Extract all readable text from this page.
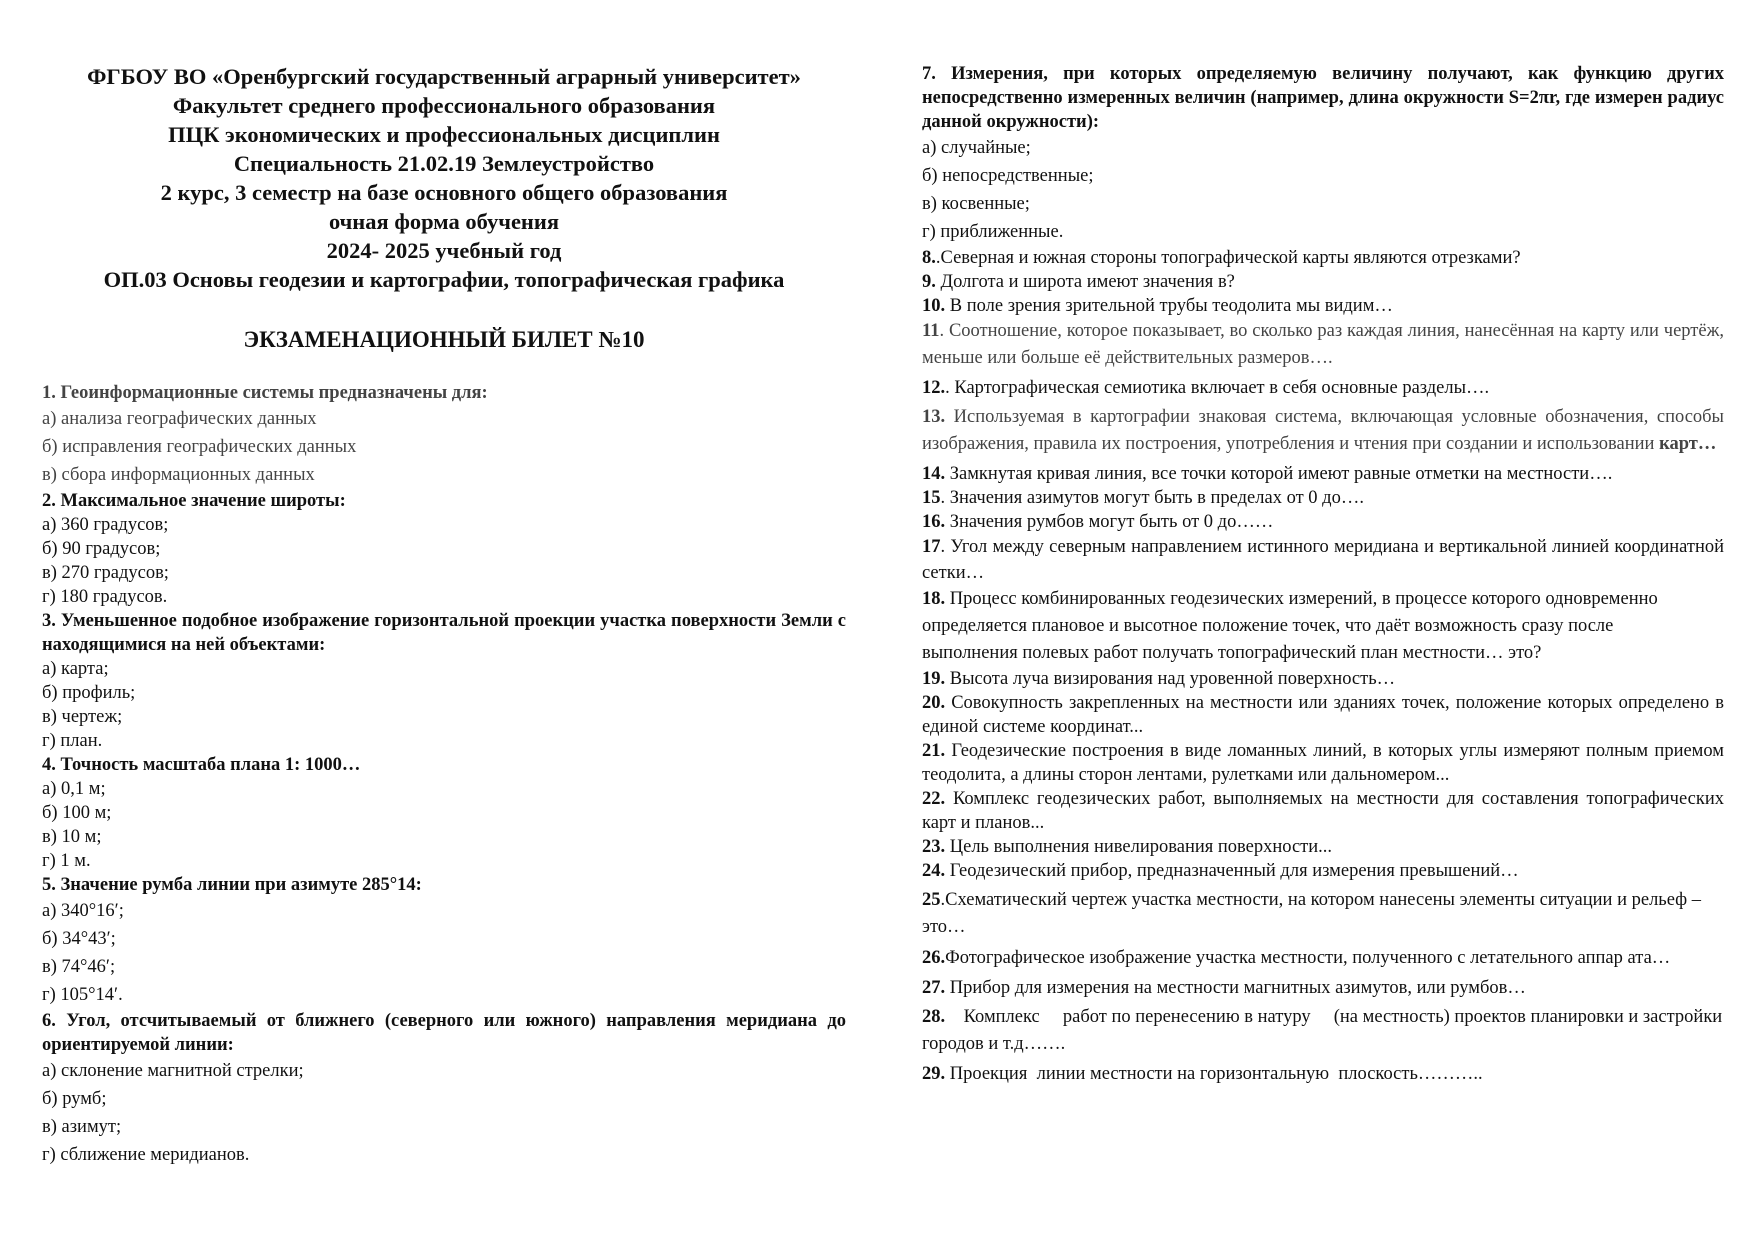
ФГБОУ ВО «Оренбургский государственный аграрный университет»
Факультет среднего профессионального образования
ПЦК экономических и профессиональных дисциплин
Специальность 21.02.19 Землеустройство
2 курс, 3 семестр на базе основного общего образования
очная форма обучения
2024- 2025 учебный год
ОП.03 Основы геодезии и картографии, топографическая графика
ЭКЗАМЕНАЦИОННЫЙ БИЛЕТ №10
1. Геоинформационные системы предназначены для:
а) анализа географических данных
б) исправления географических данных
в) сбора информационных данных
2. Максимальное значение широты:
а) 360 градусов;
б) 90 градусов;
в) 270 градусов;
г) 180 градусов.
3. Уменьшенное подобное изображение горизонтальной проекции участка поверхности Земли с находящимися на ней объектами:
а) карта;
б) профиль;
в) чертеж;
г) план.
4. Точность масштаба плана 1: 1000…
а) 0,1 м;
б) 100 м;
в) 10 м;
г) 1 м.
5. Значение румба линии при азимуте 285°14:
а) 340°16′;
б) 34°43′;
в) 74°46′;
г) 105°14′.
6. Угол, отсчитываемый от ближнего (северного или южного) направления меридиана до ориентируемой линии:
а) склонение магнитной стрелки;
б) румб;
в) азимут;
г) сближение меридианов.
7. Измерения, при которых определяемую величину получают, как функцию других непосредственно измеренных величин (например, длина окружности S=2πr, где измерен радиус данной окружности):
а) случайные;
б) непосредственные;
в) косвенные;
г) приближенные.
8..Северная и южная стороны топографической карты являются отрезками?
9. Долгота и широта имеют значения в?
10. В поле зрения зрительной трубы теодолита мы видим…
11. Соотношение, которое показывает, во сколько раз каждая линия, нанесённая на карту или чертёж, меньше или больше её действительных размеров….
12.. Картографическая семиотика включает в себя основные разделы….
13. Используемая в картографии знаковая система, включающая условные обозначения, способы изображения, правила их построения, употребления и чтения при создании и использовании карт…
14. Замкнутая кривая линия, все точки которой имеют равные отметки на местности….
15. Значения азимутов могут быть в пределах от 0 до….
16. Значения румбов могут быть от 0 до……
17. Угол между северным направлением истинного меридиана и вертикальной линией координатной сетки…
18. Процесс комбинированных геодезических измерений, в процессе которого одновременно определяется плановое и высотное положение точек, что даёт возможность сразу после выполнения полевых работ получать топографический план местности… это?
19. Высота луча визирования над уровенной поверхность…
20. Совокупность закрепленных на местности или зданиях точек, положение которых определено в единой системе координат...
21. Геодезические построения в виде ломанных линий, в которых углы измеряют полным приемом теодолита, а длины сторон лентами, рулетками или дальномером...
22. Комплекс геодезических работ, выполняемых на местности для составления топографических карт и планов...
23. Цель выполнения нивелирования поверхности...
24. Геодезический прибор, предназначенный для измерения превышений…
25.Схематический чертеж участка местности, на котором нанесены элементы ситуации и рельеф – это…
26.Фотографическое изображение участка местности, полученного с летательного аппар ата…
27. Прибор для измерения на местности магнитных азимутов, или румбов…
28.    Комплекс     работ по перенесению в натуру     (на местность) проектов планировки и застройки городов и т.д…….
29. Проекция  линии местности на горизонтальную  плоскость………..
